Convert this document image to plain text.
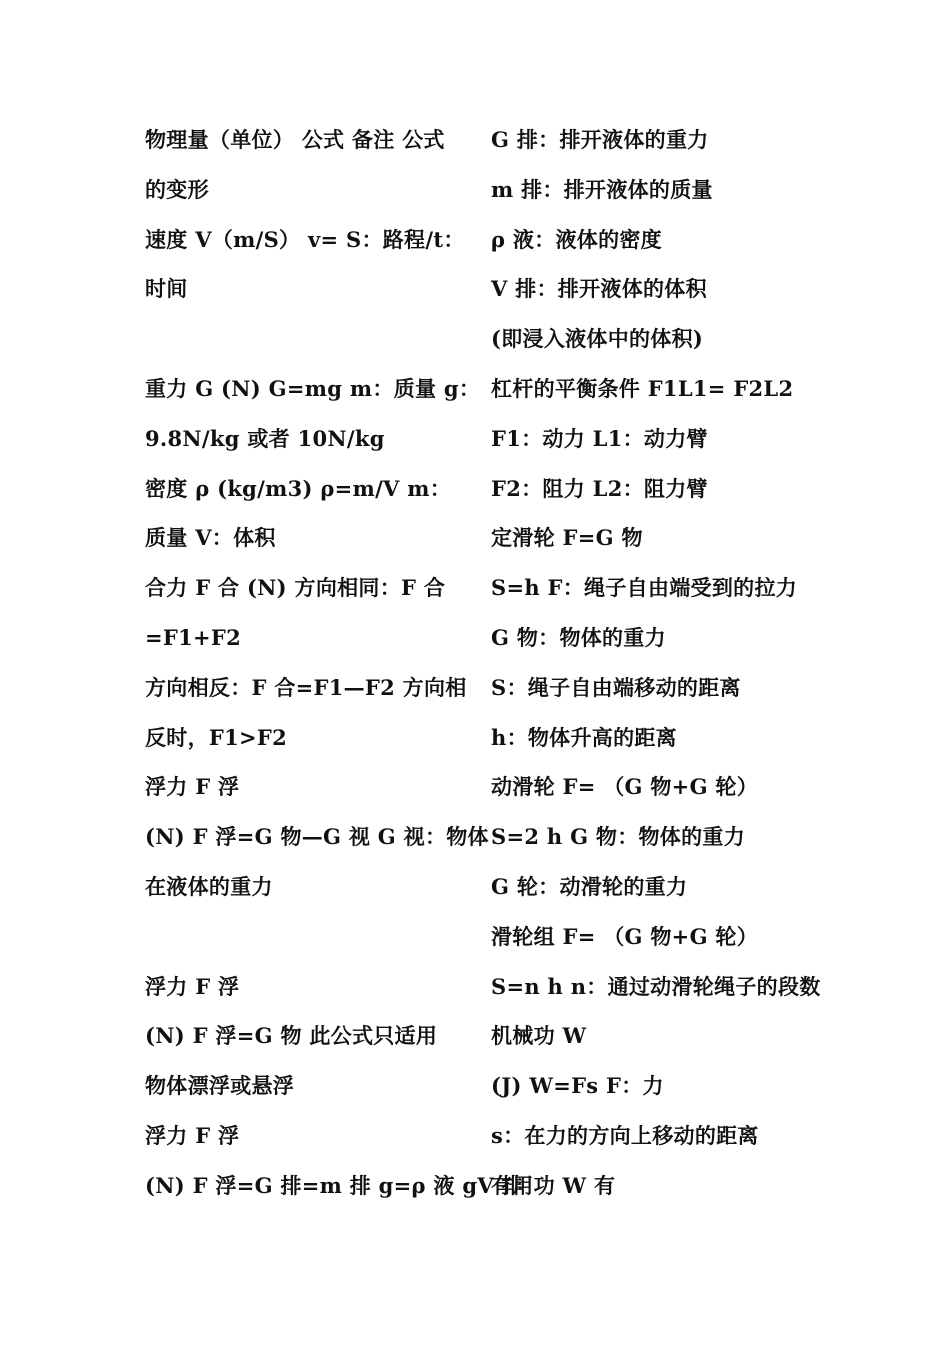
物理量（单位） 公式 备注 公式
的变形
速度 V（m/S） v= S：路程/t：
时间
重力 G (N) G=mg m：质量 g：
9.8N/kg 或者 10N/kg
密度 ρ (kg/m3) ρ=m/V m：
质量 V：体积
合力 F 合 (N) 方向相同：F 合
=F1+F2
方向相反：F 合=F1—F2 方向相
反时，F1>F2
浮力 F 浮
(N) F 浮=G 物—G 视 G 视：物体
在液体的重力
浮力 F 浮
(N) F 浮=G 物 此公式只适用
物体漂浮或悬浮
浮力 F 浮
(N) F 浮=G 排=m 排 g=ρ 液 gV 排
G 排：排开液体的重力
m 排：排开液体的质量
ρ 液：液体的密度
V 排：排开液体的体积
(即浸入液体中的体积)
杠杆的平衡条件 F1L1= F2L2
F1：动力 L1：动力臂
F2：阻力 L2：阻力臂
定滑轮 F=G 物
S=h F：绳子自由端受到的拉力
G 物：物体的重力
S：绳子自由端移动的距离
h：物体升高的距离
动滑轮 F= （G 物+G 轮）
S=2 h G 物：物体的重力
G 轮：动滑轮的重力
滑轮组 F= （G 物+G 轮）
S=n h n：通过动滑轮绳子的段数
机械功 W
(J) W=Fs F：力
s：在力的方向上移动的距离
有用功 W 有
